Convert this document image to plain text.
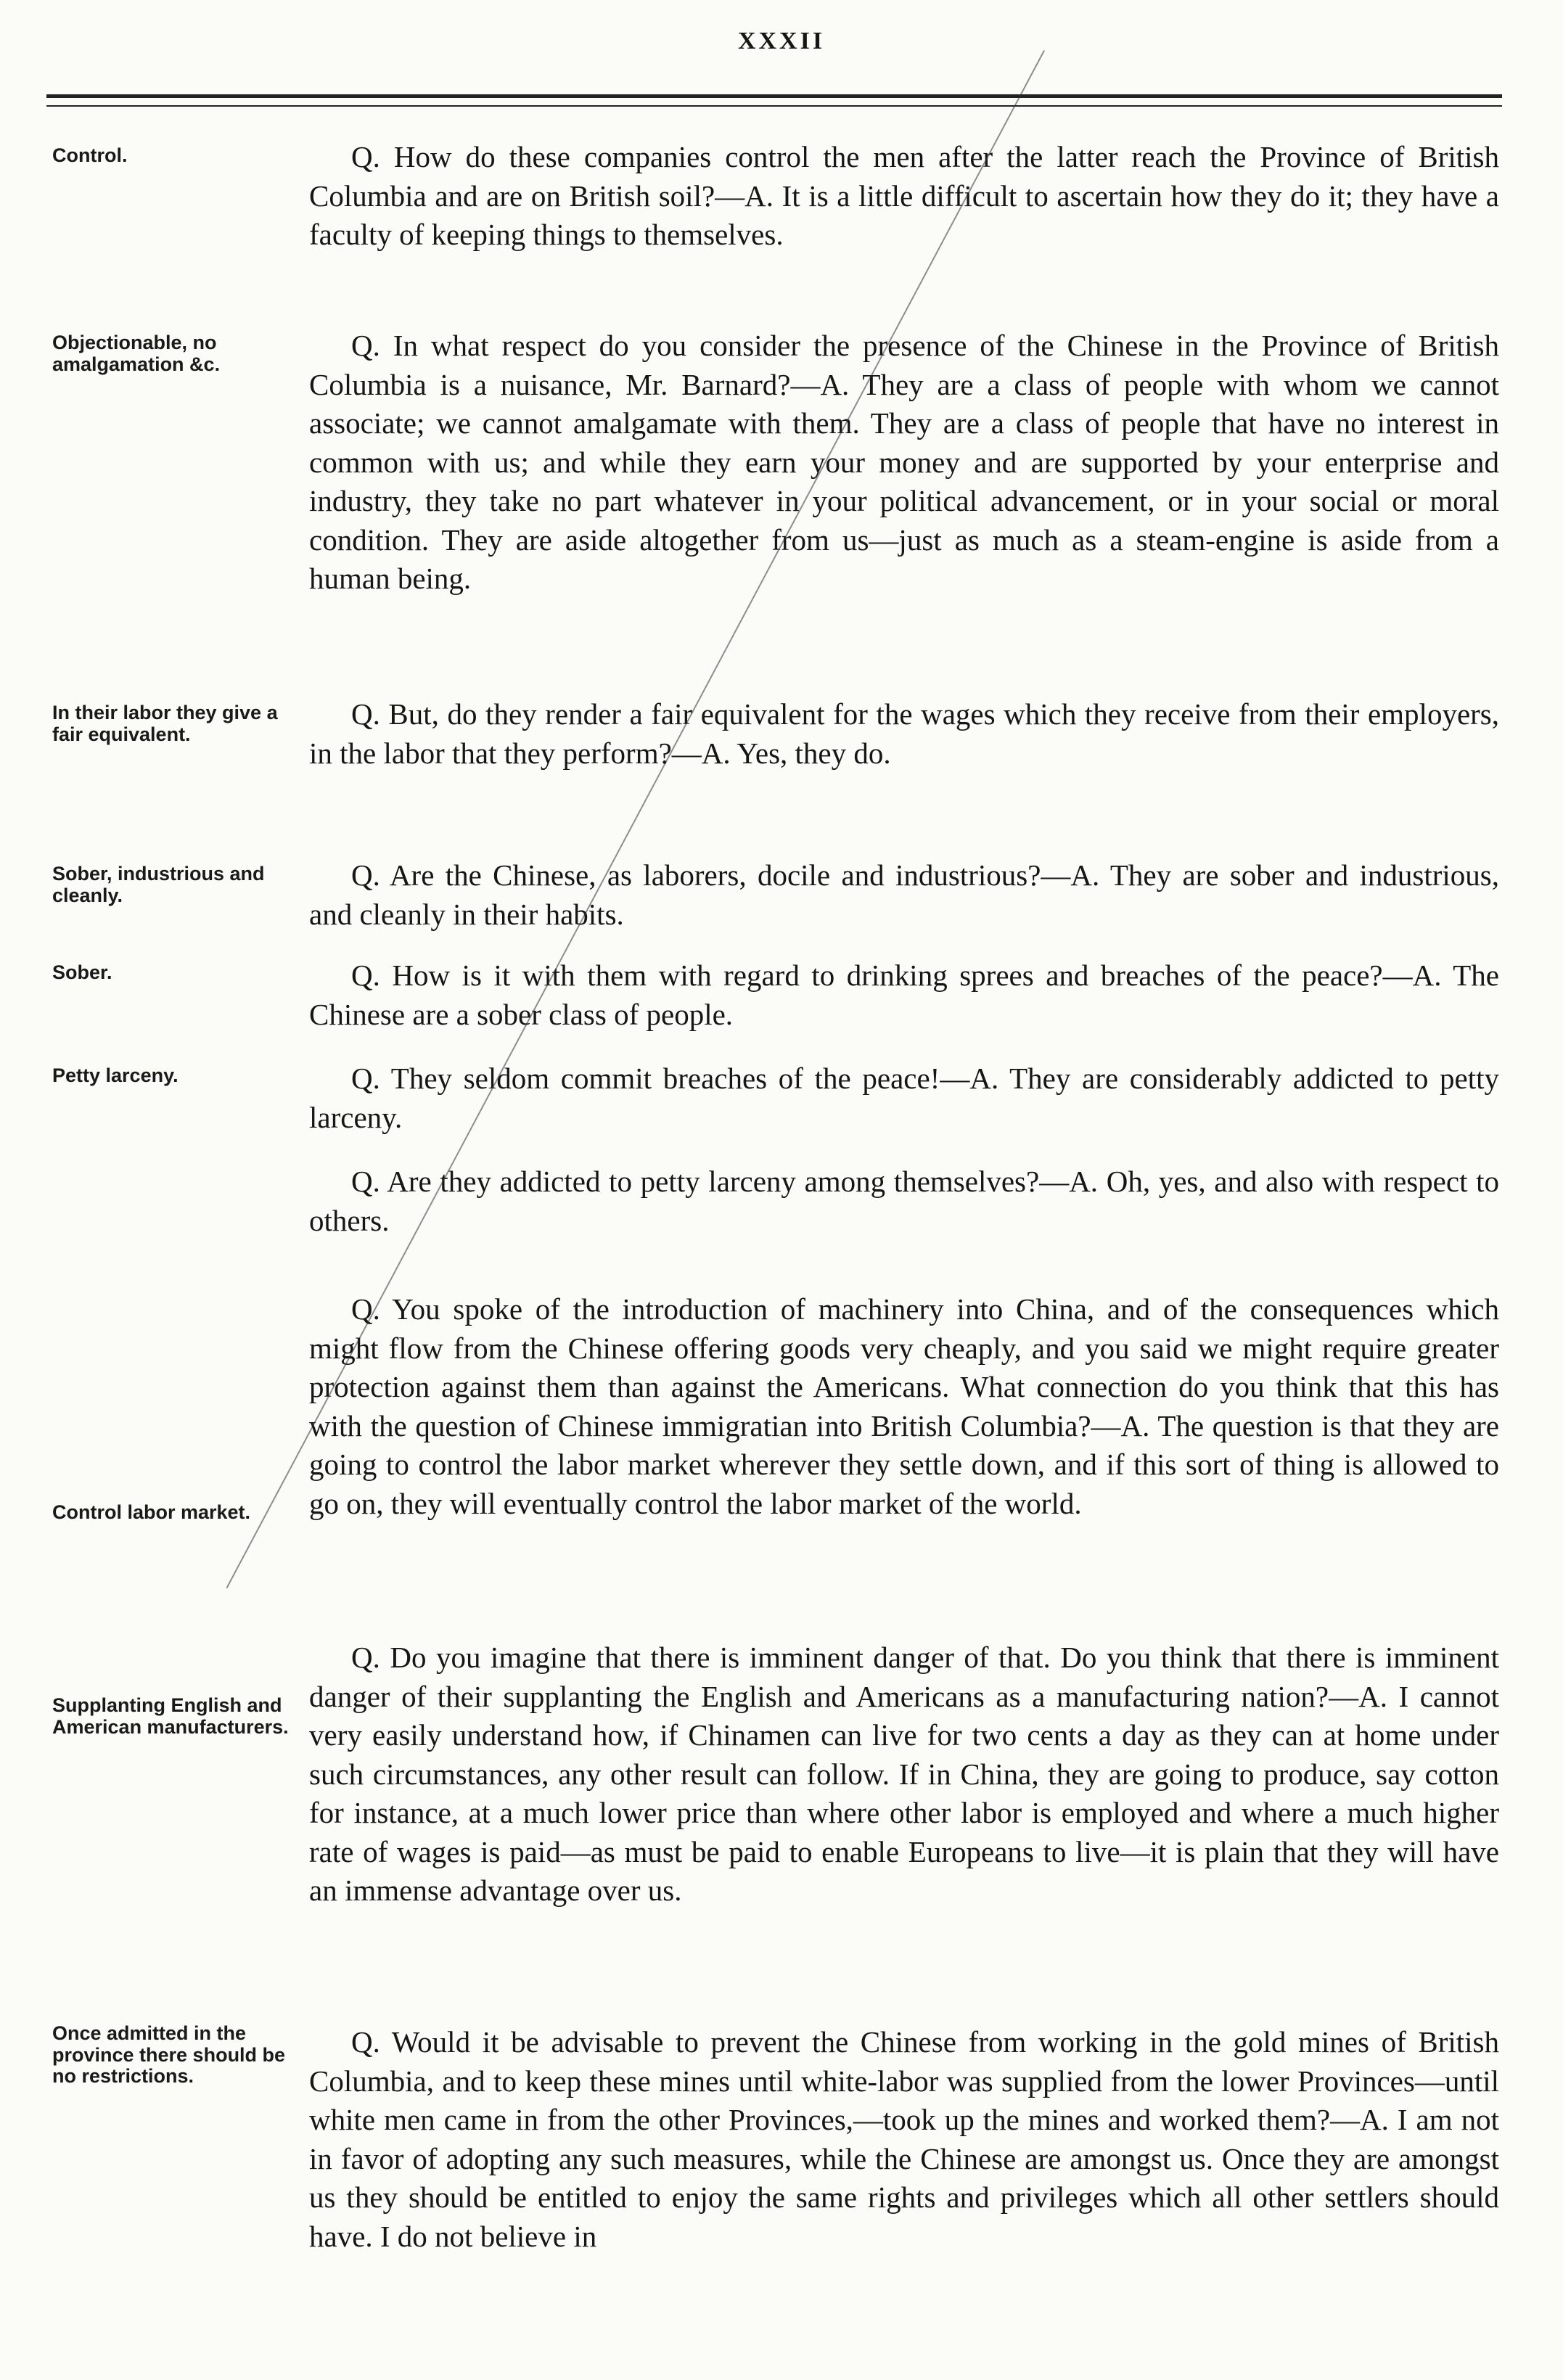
XXXII
Control.	Q. How do these companies control the men after the latter reach the Province of British Columbia and are on British soil?—A. It is a little difficult to ascertain how they do it; they have a faculty of keeping things to themselves.
Objectionable, no amalgamation &c.
Q. In what respect do you consider the presence of the Chinese in the Province of British Columbia is a nuisance, Mr. Barnard?—A. They are a class of people with whom we cannot associate; we cannot amalgamate with them. They are a class of people that have no interest in common with us; and while they earn your money and are supported by your enterprise and industry, they take no part whatever in your political advancement, or in your social or moral condition. They are aside altogether from us—just as much as a steam-engine is aside from a human being.
In their labor they give a fair equivalent.
Q. But, do they render a fair equivalent for the wages which they receive from their employers, in the labor that they perform?—A. Yes, they do.
Sober, industrious and cleanly.
Q. Are the Chinese, as laborers, docile and industrious?—A. They are sober and industrious, and cleanly in their habits.
Sober.	Q. How is it with them with regard to drinking sprees and breaches of the peace?—A. The Chinese are a sober class of people.
Petty larceny.	Q. They seldom commit breaches of the peace!—A. They are considerably addicted to petty larceny.
Q. Are they addicted to petty larceny among themselves?—A. Oh, yes, and also with respect to others.
Control labor market.
Q. You spoke of the introduction of machinery into China, and of the consequences which might flow from the Chinese offering goods very cheaply, and you said we might require greater protection against them than against the Americans. What connection do you think that this has with the question of Chinese immigratian into British Columbia?—A. The question is that they are going to control the labor market wherever they settle down, and if this sort of thing is allowed to go on, they will eventually control the labor market of the world.
Supplanting English and American manufacturers.
Q. Do you imagine that there is imminent danger of that. Do you think that there is imminent danger of their supplanting the English and Americans as a manufacturing nation?—A. I cannot very easily understand how, if Chinamen can live for two cents a day as they can at home under such circumstances, any other result can follow. If in China, they are going to produce, say cotton for instance, at a much lower price than where other labor is employed and where a much higher rate of wages is paid—as must be paid to enable Europeans to live—it is plain that they will have an immense advantage over us.
Once admitted in the province there should be no restrictions.
Q. Would it be advisable to prevent the Chinese from working in the gold mines of British Columbia, and to keep these mines until white-labor was supplied from the lower Provinces—until white men came in from the other Provinces,—took up the mines and worked them?—A. I am not in favor of adopting any such measures, while the Chinese are amongst us. Once they are amongst us they should be entitled to enjoy the same rights and privileges which all other settlers should have. I do not believe in
